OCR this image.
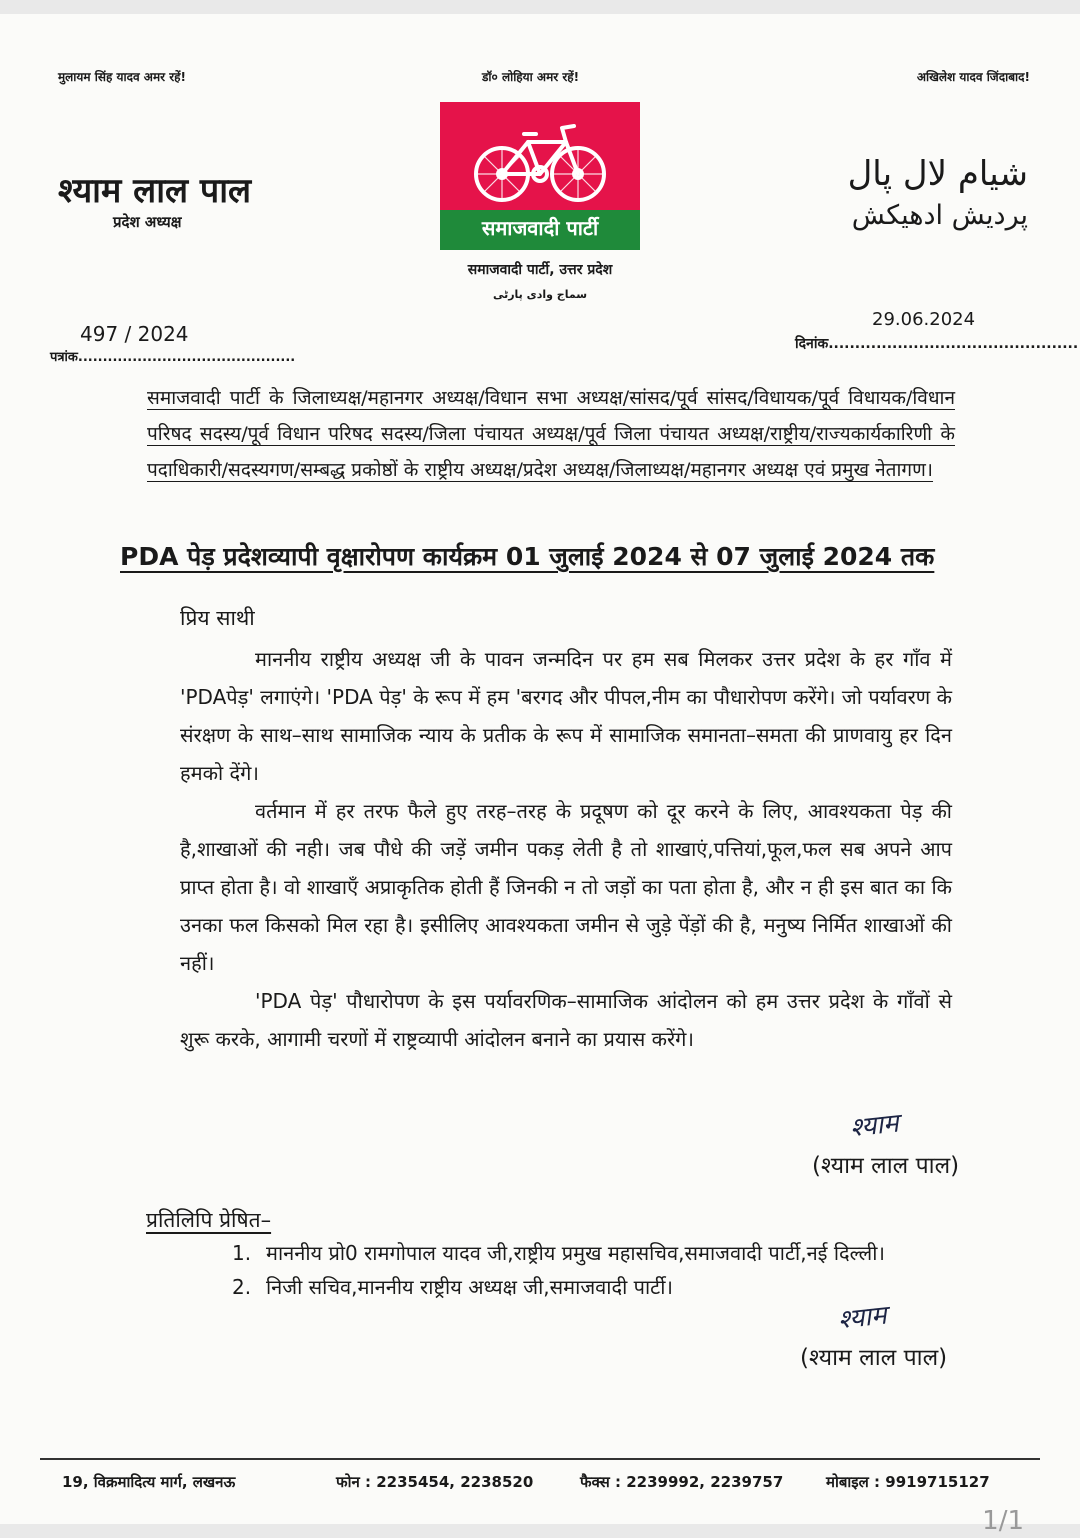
मुलायम सिंह यादव अमर रहें!	डॉ० लोहिया अमर रहें!	अखिलेश यादव जिंदाबाद!
श्याम लाल पाल
प्रदेश अध्यक्ष
شیام لال پال
پردیش ادھیکش
समाजवादी पार्टी
समाजवादी पार्टी, उत्तर प्रदेश
سماج وادی پارٹی
497 / 2024
पत्रांक............................................
29.06.2024
दिनांक...............................................
समाजवादी पार्टी के जिलाध्यक्ष/महानगर अध्यक्ष/विधान सभा अध्यक्ष/सांसद/पूर्व सांसद/विधायक/पूर्व विधायक/विधान परिषद सदस्य/पूर्व विधान परिषद सदस्य/जिला पंचायत अध्यक्ष/पूर्व जिला पंचायत अध्यक्ष/राष्ट्रीय/राज्यकार्यकारिणी के पदाधिकारी/सदस्यगण/सम्बद्ध प्रकोष्ठों के राष्ट्रीय अध्यक्ष/प्रदेश अध्यक्ष/जिलाध्यक्ष/महानगर अध्यक्ष एवं प्रमुख नेतागण।
PDA पेड़ प्रदेशव्यापी वृक्षारोपण कार्यक्रम 01 जुलाई 2024 से 07 जुलाई 2024 तक
प्रिय साथी

माननीय राष्ट्रीय अध्यक्ष जी के पावन जन्मदिन पर हम सब मिलकर उत्तर प्रदेश के हर गाँव में 'PDAपेड़' लगाएंगे। 'PDA पेड़' के रूप में हम 'बरगद और पीपल,नीम का पौधारोपण करेंगे। जो पर्यावरण के संरक्षण के साथ–साथ सामाजिक न्याय के प्रतीक के रूप में सामाजिक समानता–समता की प्राणवायु हर दिन हमको देंगे।

वर्तमान में हर तरफ फैले हुए तरह–तरह के प्रदूषण को दूर करने के लिए, आवश्यकता पेड़ की है,शाखाओं की नही। जब पौधे की जड़ें जमीन पकड़ लेती है तो शाखाएं,पत्तियां,फूल,फल सब अपने आप प्राप्त होता है। वो शाखाएँ अप्राकृतिक होती हैं जिनकी न तो जड़ों का पता होता है, और न ही इस बात का कि उनका फल किसको मिल रहा है। इसीलिए आवश्यकता जमीन से जुड़े पेंड़ों की है, मनुष्य निर्मित शाखाओं की नहीं।

'PDA पेड़' पौधारोपण के इस पर्यावरणिक–सामाजिक आंदोलन को हम उत्तर प्रदेश के गाँवों से शुरू करके, आगामी चरणों में राष्ट्रव्यापी आंदोलन बनाने का प्रयास करेंगे।

श्याम
(श्याम लाल पाल)
प्रतिलिपि प्रेषित–
1. माननीय प्रो0 रामगोपाल यादव जी,राष्ट्रीय प्रमुख महासचिव,समाजवादी पार्टी,नई दिल्ली।
2. निजी सचिव,माननीय राष्ट्रीय अध्यक्ष जी,समाजवादी पार्टी।
श्याम
(श्याम लाल पाल)
19, विक्रमादित्य मार्ग, लखनऊ	फोन : 2235454, 2238520	फैक्स : 2239992, 2239757	मोबाइल : 9919715127
1/1
